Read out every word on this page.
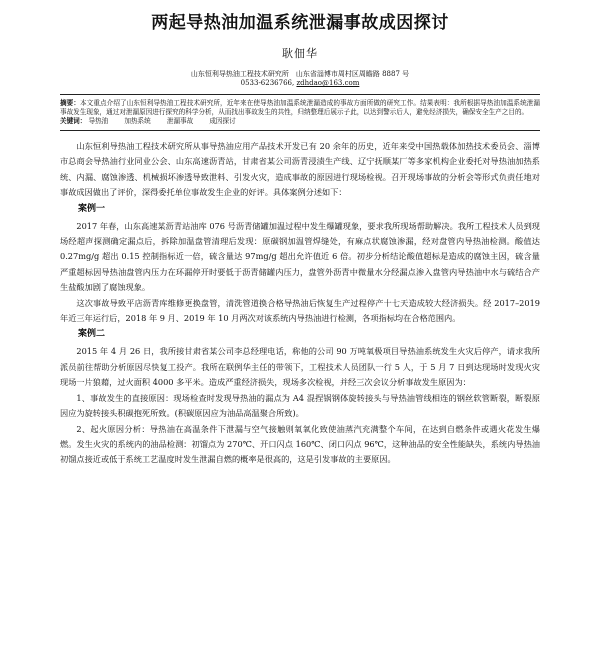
两起导热油加温系统泄漏事故成因探讨

耿佃华

山东恒利导热油工程技术研究所　山东省淄博市周村区周瞻路 8887 号

0533-6236766, zdhdao@163.com

摘要：本文重点介绍了山东恒利导热油工程技术研究所，近年来在使导热油加温系统泄漏造成的事故方面所做的研究工作。结果表明：我所根据导热油加温系统泄漏事故发生现象，通过对泄漏原因进行探究的科学分析，从而找出事故发生的共性，归纳整理后展示子此，以达到警示后人，避免经济损失，确保安全生产之目的。

关键词： 导热油 加热系统 泄漏事故 成因探讨

山东恒利导热油工程技术研究所从事导热油应用产品技术开发已有 20 余年的历史，近年来受中国热载体加热技术委员会、淄博市总商会导热油行业同业公会、山东高速沥青站，甘肃省某公司沥青浸渍生产线、辽宁抚顺某厂等多家机构企业委托对导热油加热系统、内漏、腐蚀渗透、机械损坏渗透导致泄料、引发火灾，造成事故的原因进行现场检视。召开现场事故的分析会等形式负责任地对事故成因做出了评价，深得委托单位事故发生企业的好评。具体案例分述如下：

案例一

2017 年春，山东高速某沥青站油库 076 号沥青储罐加温过程中发生爆罐现象，要求我所现场帮助解决。我所工程技术人员到现场经超声探测确定漏点后，拆除加温盘管清理后发现：原碳钢加温管焊缝处，有麻点状腐蚀渗漏，经对盘管内导热油检测。酸值达 0.27mg/g 超出 0.15 控制指标近一倍，硫含量达 97mg/g 超出允许值近 6 倍。初步分析结论酸值超标是造成的腐蚀主因，硫含量严重超标因导热油盘管内压力在环漏停开时要低于沥青储罐内压力，盘管外沥青中微量水分经漏点渗入盘管内导热油中水与硫结合产生盐酸加剧了腐蚀现象。

这次事故导致平店沥青库维修更换盘管，清洗管道换合格导热油后恢复生产过程停产十七天造成较大经济损失。经 2017–2019 年近三年运行后，2018 年 9 月、2019 年 10 月两次对该系统内导热油进行检测，各项指标均在合格范围内。

案例二

2015 年 4 月 26 日，我所接甘肃省某公司李总经理电话，称他的公司 90 万吨氧极项目导热油系统发生火灾后停产，请求我所派员前往帮助分析原因尽快复工投产。我所在联例华主任的带领下，工程技术人员团队一行 5 人，于 5 月 7 日到达现场时发现火灾现场一片狼藉，过火面积 4000 多平米。造成严重经济损失，现场多次检视，并经三次会议分析事故发生原因为：

1、事故发生的直接原因：现场检查时发现导热油的漏点为 A4 混捏锅钢体旋转接头与导热油管线相连的钢丝软管断裂，断裂原因应为旋转接头积碳抱死所致。(积碳原因应为油品高温聚合所致)。

2、起火原因分析：导热油在高温条件下泄漏与空气接触则氧氧化致使油蒸汽充满整个车间，在达到自燃条件或遇火花发生爆燃。发生火灾的系统内的油品检测：初馏点为 270℃、开口闪点 160℃、闭口闪点 96℃，这种油品的安全性能缺失，系统内导热油初馏点接近或低于系统工艺温度时发生泄漏自燃的概率是很高的，这是引发事故的主要原因。
